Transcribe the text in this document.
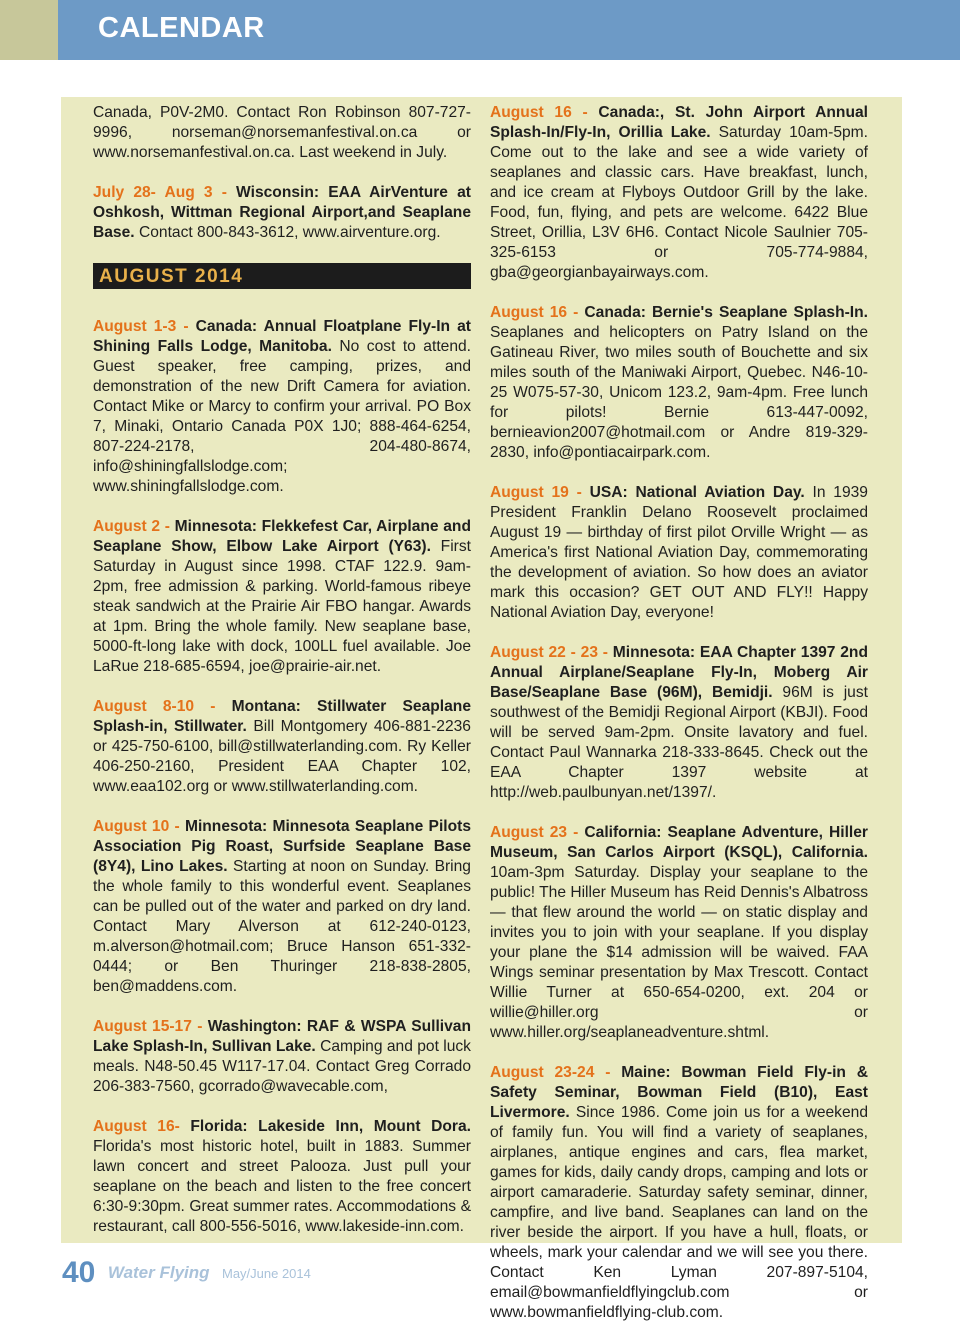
CALENDAR

Canada, P0V-2M0. Contact Ron Robinson 807-727-9996, norseman@norsemanfestival.on.ca or www.norsemanfestival.on.ca. Last weekend in July.

July 28- Aug 3 - Wisconsin: EAA AirVenture at Oshkosh, Wittman Regional Airport,and Seaplane Base. Contact 800-843-3612, www.airventure.org.

AUGUST 2014

August 1-3 - Canada: Annual Floatplane Fly-In at Shining Falls Lodge, Manitoba. No cost to attend. Guest speaker, free camping, prizes, and demonstration of the new Drift Camera for aviation. Contact Mike or Marcy to confirm your arrival. PO Box 7, Minaki, Ontario Canada P0X 1J0; 888-464-6254, 807-224-2178, 204-480-8674, info@shiningfallslodge.com; www.shiningfallslodge.com.

August 2 - Minnesota: Flekkefest Car, Airplane and Seaplane Show, Elbow Lake Airport (Y63). First Saturday in August since 1998. CTAF 122.9. 9am-2pm, free admission & parking. World-famous ribeye steak sandwich at the Prairie Air FBO hangar. Awards at 1pm. Bring the whole family. New seaplane base, 5000-ft-long lake with dock, 100LL fuel available. Joe LaRue 218-685-6594, joe@prairie-air.net.

August 8-10 - Montana: Stillwater Seaplane Splash-in, Stillwater. Bill Montgomery 406-881-2236 or 425-750-6100, bill@stillwaterlanding.com. Ry Keller 406-250-2160, President EAA Chapter 102, www.eaa102.org or www.stillwaterlanding.com.

August 10 - Minnesota: Minnesota Seaplane Pilots Association Pig Roast, Surfside Seaplane Base (8Y4), Lino Lakes. Starting at noon on Sunday. Bring the whole family to this wonderful event. Seaplanes can be pulled out of the water and parked on dry land. Contact Mary Alverson at 612-240-0123, m.alverson@hotmail.com; Bruce Hanson 651-332-0444; or Ben Thuringer 218-838-2805, ben@maddens.com.

August 15-17 - Washington: RAF & WSPA Sullivan Lake Splash-In, Sullivan Lake. Camping and pot luck meals. N48-50.45 W117-17.04. Contact Greg Corrado 206-383-7560, gcorrado@wavecable.com,

August 16- Florida: Lakeside Inn, Mount Dora. Florida's most historic hotel, built in 1883. Summer lawn concert and street Palooza. Just pull your seaplane on the beach and listen to the free concert 6:30-9:30pm. Great summer rates. Accommodations & restaurant, call 800-556-5016, www.lakeside-inn.com.

August 16 - Canada:, St. John Airport Annual Splash-In/Fly-In, Orillia Lake. Saturday 10am-5pm. Come out to the lake and see a wide variety of seaplanes and classic cars. Have breakfast, lunch, and ice cream at Flyboys Outdoor Grill by the lake. Food, fun, flying, and pets are welcome. 6422 Blue Street, Orillia, L3V 6H6. Contact Nicole Saulnier 705-325-6153 or 705-774-9884, gba@georgianbayairways.com.

August 16 - Canada: Bernie's Seaplane Splash-In. Seaplanes and helicopters on Patry Island on the Gatineau River, two miles south of Bouchette and six miles south of the Maniwaki Airport, Quebec. N46-10-25 W075-57-30, Unicom 123.2, 9am-4pm. Free lunch for pilots! Bernie 613-447-0092, bernieavion2007@hotmail.com or Andre 819-329-2830, info@pontiacairpark.com.

August 19 - USA: National Aviation Day. In 1939 President Franklin Delano Roosevelt proclaimed August 19 — birthday of first pilot Orville Wright — as America's first National Aviation Day, commemorating the development of aviation. So how does an aviator mark this occasion? GET OUT AND FLY!! Happy National Aviation Day, everyone!

August 22 - 23 - Minnesota: EAA Chapter 1397 2nd Annual Airplane/Seaplane Fly-In, Moberg Air Base/Seaplane Base (96M), Bemidji. 96M is just southwest of the Bemidji Regional Airport (KBJI). Food will be served 9am-2pm. Onsite lavatory and fuel. Contact Paul Wannarka 218-333-8645. Check out the EAA Chapter 1397 website at http://web.paulbunyan.net/1397/.

August 23 - California: Seaplane Adventure, Hiller Museum, San Carlos Airport (KSQL), California. 10am-3pm Saturday. Display your seaplane to the public! The Hiller Museum has Reid Dennis's Albatross — that flew around the world — on static display and invites you to join with your seaplane. If you display your plane the $14 admission will be waived. FAA Wings seminar presentation by Max Trescott. Contact Willie Turner at 650-654-0200, ext. 204 or willie@hiller.org or www.hiller.org/seaplaneadventure.shtml.

August 23-24 - Maine: Bowman Field Fly-in & Safety Seminar, Bowman Field (B10), East Livermore. Since 1986. Come join us for a weekend of family fun. You will find a variety of seaplanes, airplanes, antique engines and cars, flea market, games for kids, daily candy drops, camping and lots or airport camaraderie. Saturday safety seminar, dinner, campfire, and live band. Seaplanes can land on the river beside the airport. If you have a hull, floats, or wheels, mark your calendar and we will see you there. Contact Ken Lyman 207-897-5104, email@bowmanfieldflyingclub.com or www.bowmanfieldflying-club.com.

40 Water Flying May/June 2014
